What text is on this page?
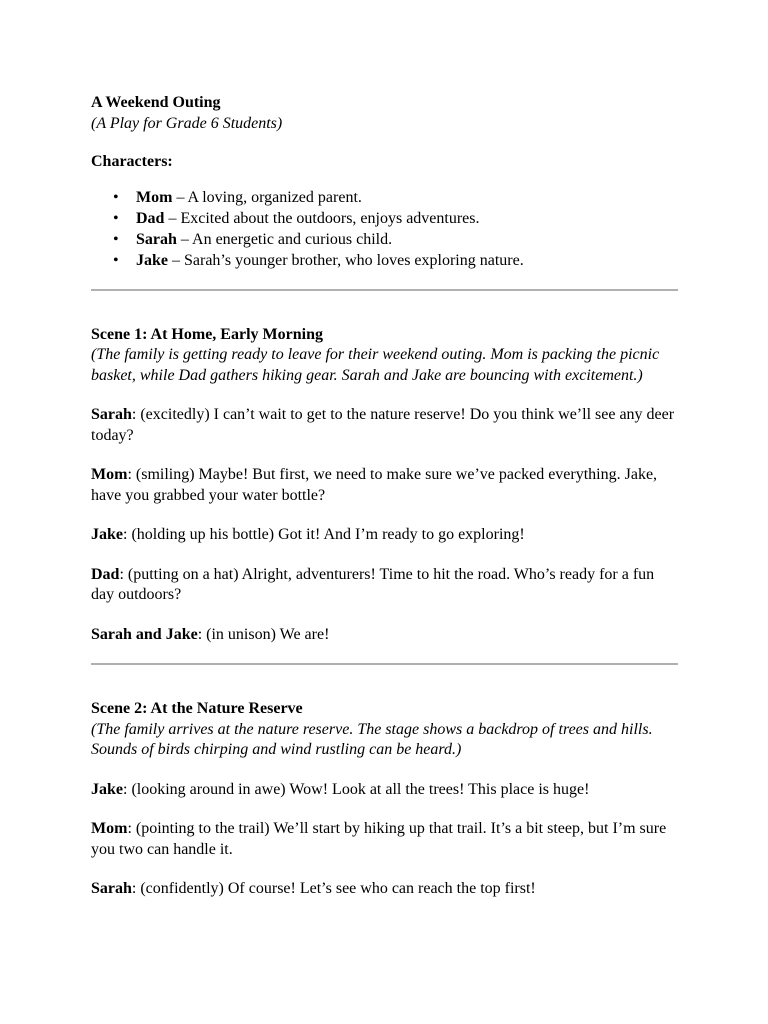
A Weekend Outing

(A Play for Grade 6 Students)

Characters:

• Mom – A loving, organized parent.
• Dad – Excited about the outdoors, enjoys adventures.
• Sarah – An energetic and curious child.
• Jake – Sarah’s younger brother, who loves exploring nature.

Scene 1: At Home, Early Morning

(The family is getting ready to leave for their weekend outing. Mom is packing the picnic basket, while Dad gathers hiking gear. Sarah and Jake are bouncing with excitement.)

Sarah: (excitedly) I can’t wait to get to the nature reserve! Do you think we’ll see any deer today?

Mom: (smiling) Maybe! But first, we need to make sure we’ve packed everything. Jake, have you grabbed your water bottle?

Jake: (holding up his bottle) Got it! And I’m ready to go exploring!

Dad: (putting on a hat) Alright, adventurers! Time to hit the road. Who’s ready for a fun day outdoors?

Sarah and Jake: (in unison) We are!

Scene 2: At the Nature Reserve

(The family arrives at the nature reserve. The stage shows a backdrop of trees and hills. Sounds of birds chirping and wind rustling can be heard.)

Jake: (looking around in awe) Wow! Look at all the trees! This place is huge!

Mom: (pointing to the trail) We’ll start by hiking up that trail. It’s a bit steep, but I’m sure you two can handle it.

Sarah: (confidently) Of course! Let’s see who can reach the top first!
